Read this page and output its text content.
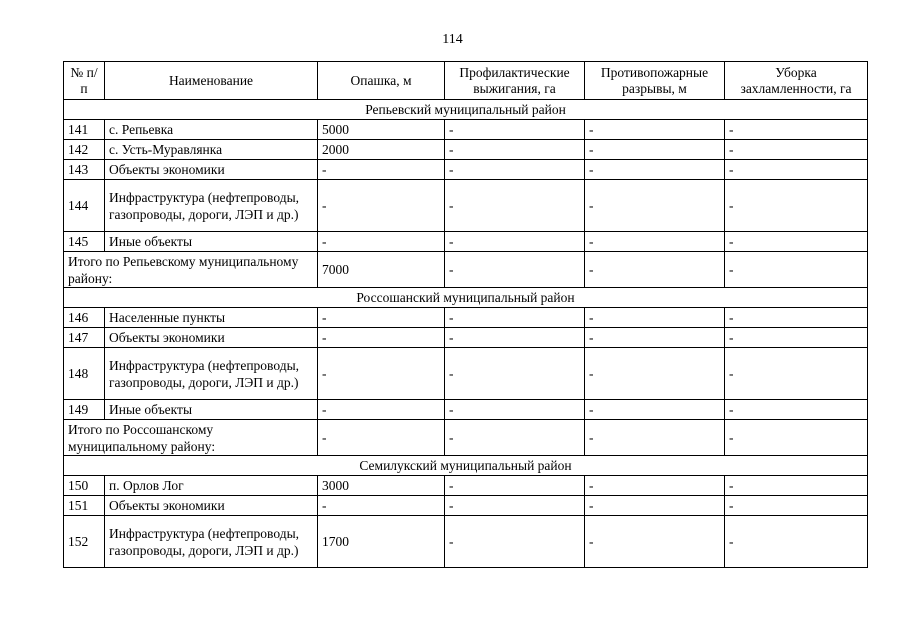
114
№ п/п	Наименование	Опашка, м	Профилактические выжигания, га	Противопожарные разрывы, м	Уборка захламленности, га
Репьевский муниципальный район					
141	с. Репьевка	5000	-	-	-
142	с. Усть-Муравлянка	2000	-	-	-
143	Объекты экономики	-	-	-	-
144	Инфраструктура (нефтепроводы, газопроводы, дороги, ЛЭП и др.)	-	-	-	-
145	Иные объекты	-	-	-	-
Итого по Репьевскому муниципальному району:		7000	-	-	-
Россошанский муниципальный район					
146	Населенные пункты	-	-	-	-
147	Объекты экономики	-	-	-	-
148	Инфраструктура (нефтепроводы, газопроводы, дороги, ЛЭП и др.)	-	-	-	-
149	Иные объекты	-	-	-	-
Итого по Россошанскому муниципальному району:		-	-	-	-
Семилукский муниципальный район					
150	п. Орлов Лог	3000	-	-	-
151	Объекты экономики	-	-	-	-
152	Инфраструктура (нефтепроводы, газопроводы, дороги, ЛЭП и др.)	1700	-	-	-
